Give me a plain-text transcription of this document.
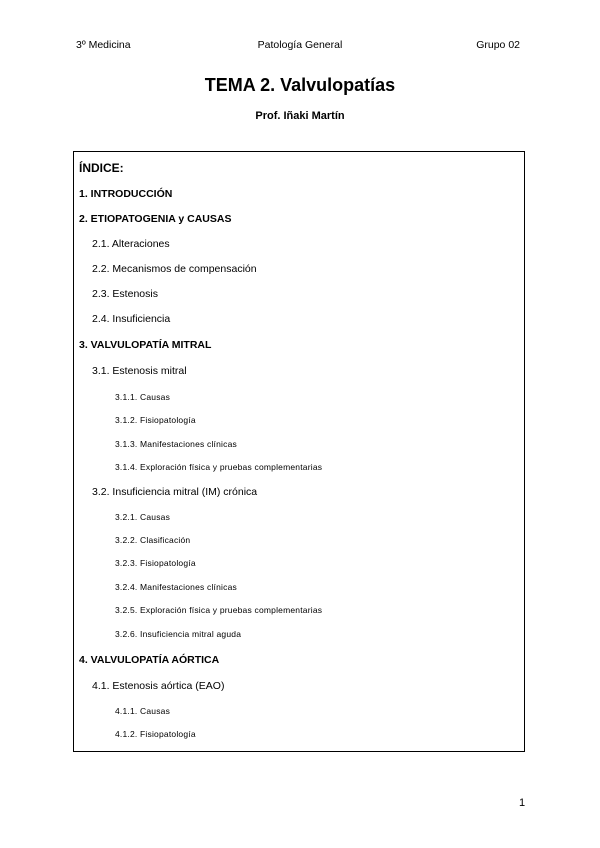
3º Medicina	Patología General	Grupo 02
TEMA 2. Valvulopatías
Prof. Iñaki Martín
ÍNDICE:
1. INTRODUCCIÓN
2. ETIOPATOGENIA y CAUSAS
2.1. Alteraciones
2.2. Mecanismos de compensación
2.3. Estenosis
2.4. Insuficiencia
3. VALVULOPATÍA MITRAL
3.1. Estenosis mitral
3.1.1. Causas
3.1.2. Fisiopatología
3.1.3. Manifestaciones clínicas
3.1.4. Exploración física y pruebas complementarias
3.2. Insuficiencia mitral (IM) crónica
3.2.1. Causas
3.2.2. Clasificación
3.2.3. Fisiopatología
3.2.4. Manifestaciones clínicas
3.2.5. Exploración física y pruebas complementarias
3.2.6. Insuficiencia mitral aguda
4. VALVULOPATÍA AÓRTICA
4.1. Estenosis aórtica (EAO)
4.1.1. Causas
4.1.2. Fisiopatología
1
